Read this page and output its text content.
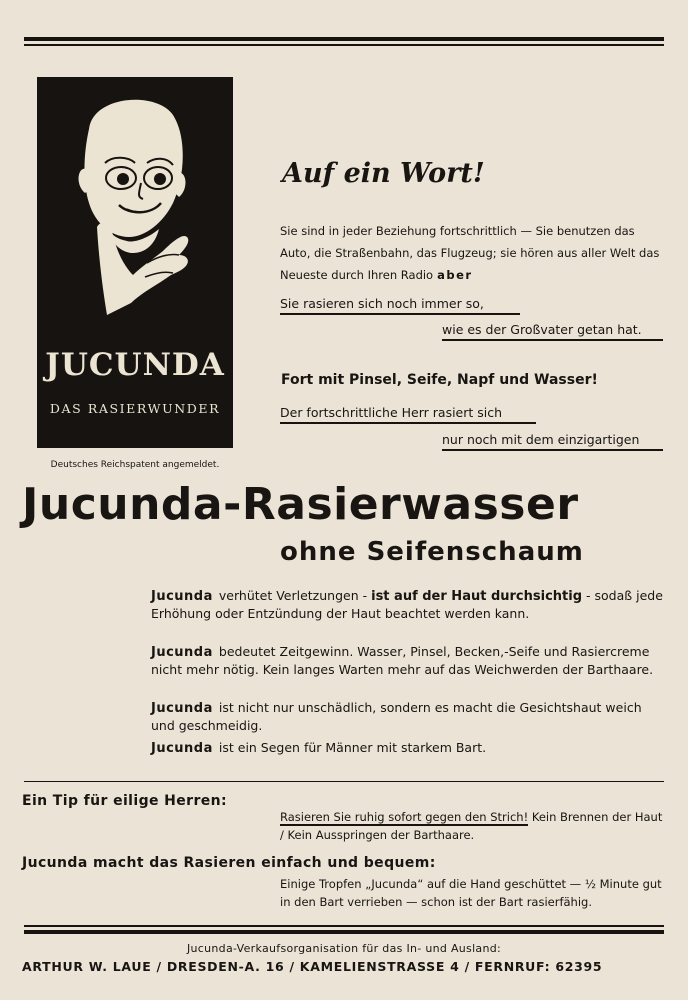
JUCUNDA
DAS RASIERWUNDER
Deutsches Reichspatent angemeldet.
Auf ein Wort!
Sie sind in jeder Beziehung fortschrittlich — Sie benutzen das Auto, die Straßenbahn, das Flugzeug; sie hören aus aller Welt das Neueste durch Ihren Radio aber
Sie rasieren sich noch immer so,
wie es der Großvater getan hat.
Fort mit Pinsel, Seife, Napf und Wasser!
Der fortschrittliche Herr rasiert sich
nur noch mit dem einzigartigen
Jucunda-Rasierwasser
ohne Seifenschaum
Jucunda verhütet Verletzungen - ist auf der Haut durchsichtig - sodaß jede Erhöhung oder Entzündung der Haut beachtet werden kann.
Jucunda bedeutet Zeitgewinn. Wasser, Pinsel, Becken,-Seife und Rasiercreme nicht mehr nötig. Kein langes Warten mehr auf das Weichwerden der Barthaare.
Jucunda ist nicht nur unschädlich, sondern es macht die Gesichtshaut weich und geschmeidig.
Jucunda ist ein Segen für Männer mit starkem Bart.
Ein Tip für eilige Herren:
Rasieren Sie ruhig sofort gegen den Strich! Kein Brennen der Haut / Kein Ausspringen der Barthaare.
Jucunda macht das Rasieren einfach und bequem:
Einige Tropfen „Jucunda“ auf die Hand geschüttet — ½ Minute gut in den Bart verrieben — schon ist der Bart rasierfähig.
Jucunda-Verkaufsorganisation für das In- und Ausland:
ARTHUR W. LAUE / DRESDEN-A. 16 / KAMELIENSTRASSE 4 / FERNRUF: 62395
